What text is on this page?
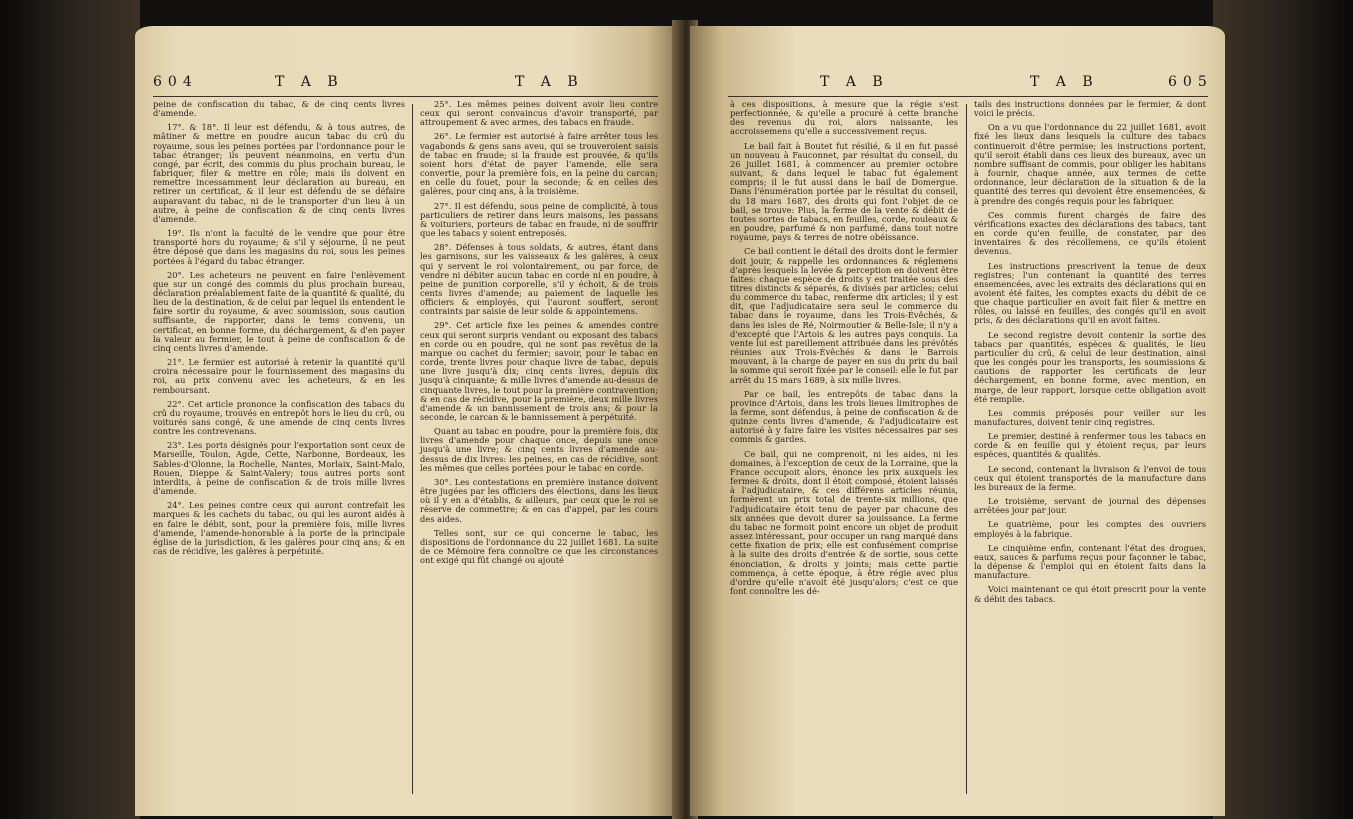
604	T A B	T A B

peine de confiscation du tabac, & de cinq cents livres d'amende.

17°. & 18°. Il leur est défendu, & à tous autres, de mâtiner & mettre en poudre aucun tabac du crû du royaume, sous les peines portées par l'ordonnance pour le tabac étranger; ils peuvent néanmoins, en vertu d'un congé, par écrit, des commis du plus prochain bureau, le fabriquer, filer & mettre en rôle; mais ils doivent en remettre incessamment leur déclaration au bureau, en retirer un certificat, & il leur est défendu de se défaire auparavant du tabac, ni de le transporter d'un lieu à un autre, à peine de confiscation & de cinq cents livres d'amende.

19°. Ils n'ont la faculté de le vendre que pour être transporté hors du royaume; & s'il y séjourne, il ne peut être déposé que dans les magasins du roi, sous les peines portées à l'égard du tabac étranger.

20°. Les acheteurs ne peuvent en faire l'enlèvement que sur un congé des commis du plus prochain bureau, déclaration préalablement faite de la quantité & qualité, du lieu de la destination, & de celui par lequel ils entendent le faire sortir du royaume, & avec soumission, sous caution suffisante, de rapporter, dans le tems convenu, un certificat, en bonne forme, du déchargement, & d'en payer la valeur au fermier, le tout à peine de confiscation & de cinq cents livres d'amende.

21°. Le fermier est autorisé à retenir la quantité qu'il croira nécessaire pour le fournissement des magasins du roi, au prix convenu avec les acheteurs, & en les remboursant.

22°. Cet article prononce la confiscation des tabacs du crû du royaume, trouvés en entrepôt hors le lieu du crû, ou voiturés sans congé, & une amende de cinq cents livres contre les contrevenans.

23°. Les ports désignés pour l'exportation sont ceux de Marseille, Toulon, Agde, Cette, Narbonne, Bordeaux, les Sables-d'Olonne, la Rochelle, Nantes, Morlaix, Saint-Malo, Rouen, Dieppe & Saint-Valery; tous autres ports sont interdits, à peine de confiscation & de trois mille livres d'amende.

24°. Les peines contre ceux qui auront contrefait les marques & les cachets du tabac, ou qui les auront aidés à en faire le débit, sont, pour la première fois, mille livres d'amende, l'amende-honorable à la porte de la principale église de la jurisdiction, & les galères pour cinq ans; & en cas de récidive, les galères à perpétuité.

25°. Les mêmes peines doivent avoir lieu contre ceux qui seront convaincus d'avoir transporté, par attroupement & avec armes, des tabacs en fraude.

26°. Le fermier est autorisé à faire arrêter tous les vagabonds & gens sans aveu, qui se trouveroient saisis de tabac en fraude; si la fraude est prouvée, & qu'ils soient hors d'état de payer l'amende, elle sera convertie, pour la première fois, en la peine du carcan; en celle du fouet, pour la seconde; & en celles des galères, pour cinq ans, à la troisième.

27°. Il est défendu, sous peine de complicité, à tous particuliers de retirer dans leurs maisons, les passans & voituriers, porteurs de tabac en fraude, ni de souffrir que les tabacs y soient entreposés.

28°. Défenses à tous soldats, & autres, étant dans les garnisons, sur les vaisseaux & les galères, à ceux qui y servent le roi volontairement, ou par force, de vendre ni débiter aucun tabac en corde ni en poudre, à peine de punition corporelle, s'il y échoit, & de trois cents livres d'amende; au paiement de laquelle les officiers & employés, qui l'auront souffert, seront contraints par saisie de leur solde & appointemens.

29°. Cet article fixe les peines & amendes contre ceux qui seront surpris vendant ou exposant des tabacs en corde ou en poudre, qui ne sont pas revêtus de la marque ou cachet du fermier; savoir, pour le tabac en corde, trente livres pour chaque livre de tabac, depuis une livre jusqu'à dix; cinq cents livres, depuis dix jusqu'à cinquante; & mille livres d'amende au-dessus de cinquante livres, le tout pour la première contravention; & en cas de récidive, pour la première, deux mille livres d'amende & un bannissement de trois ans; & pour la seconde, le carcan & le bannissement à perpétuité.

Quant au tabac en poudre, pour la première fois, dix livres d'amende pour chaque once, depuis une once jusqu'à une livre; & cinq cents livres d'amende au-dessus de dix livres: les peines, en cas de récidive, sont les mêmes que celles portées pour le tabac en corde.

30°. Les contestations en première instance doivent être jugées par les officiers des élections, dans les lieux où il y en a d'établis, & ailleurs, par ceux que le roi se réserve de commettre; & en cas d'appel, par les cours des aides.

Telles sont, sur ce qui concerne le tabac, les dispositions de l'ordonnance du 22 juillet 1681. La suite de ce Mémoire fera connoître ce que les circonstances ont exigé qui fût changé ou ajouté

T A B	T A B	605

à ces dispositions, à mesure que la régie s'est perfectionnée, & qu'elle a procuré à cette branche des revenus du roi, alors naissante, les accroissemens qu'elle a successivement reçus.

Le bail fait à Boutet fut résilié, & il en fut passé un nouveau à Fauconnet, par résultat du conseil, du 26 juillet 1681, à commencer au premier octobre suivant, & dans lequel le tabac fut également compris; il le fut aussi dans le bail de Domergue. Dans l'énumération portée par le résultat du conseil, du 18 mars 1687, des droits qui font l'objet de ce bail, se trouve: Plus, la ferme de la vente & débit de toutes sortes de tabacs, en feuilles, corde, rouleaux & en poudre, parfumé & non parfumé, dans tout notre royaume, pays & terres de notre obéissance.

Ce bail contient le détail des droits dont le fermier doit jouir, & rappelle les ordonnances & réglemens d'après lesquels la levée & perception en doivent être faites: chaque espèce de droits y est traitée sous des titres distincts & séparés, & divisés par articles; celui du commerce du tabac, renferme dix articles; il y est dit, que l'adjudicataire sera seul le commerce du tabac dans le royaume, dans les Trois-Évêchés, & dans les isles de Ré, Noirmoutier & Belle-Isle; il n'y a d'excepté que l'Artois & les autres pays conquis. La vente lui est pareillement attribuée dans les prévôtés réunies aux Trois-Évêchés & dans le Barrois mouvant, à la charge de payer en sus du prix du bail la somme qui seroit fixée par le conseil: elle le fut par arrêt du 15 mars 1689, à six mille livres.

Par ce bail, les entrepôts de tabac dans la province d'Artois, dans les trois lieues limitrophes de la ferme, sont défendus, à peine de confiscation & de quinze cents livres d'amende, & l'adjudicataire est autorisé à y faire faire les visites nécessaires par ses commis & gardes.

Ce bail, qui ne comprenoit, ni les aides, ni les domaines, à l'exception de ceux de la Lorraine, que la France occupoit alors, énonce les prix auxquels les fermes & droits, dont il étoit composé, étoient laissés à l'adjudicataire, & ces différens articles réunis, formèrent un prix total de trente-six millions, que l'adjudicataire étoit tenu de payer par chacune des six années que devoit durer sa jouissance. La ferme du tabac ne formoit point encore un objet de produit assez intéressant, pour occuper un rang marqué dans cette fixation de prix; elle est confusément comprise à la suite des droits d'entrée & de sortie, sous cette énonciation, & droits y joints; mais cette partie commença, à cette époque, à être régie avec plus d'ordre qu'elle n'avoit été jusqu'alors; c'est ce que font connoître les dé-

tails des instructions données par le fermier, & dont voici le précis.

On a vu que l'ordonnance du 22 juillet 1681, avoit fixé les lieux dans lesquels la culture des tabacs continueroit d'être permise; les instructions portent, qu'il seroit établi dans ces lieux des bureaux, avec un nombre suffisant de commis, pour obliger les habitans à fournir, chaque année, aux termes de cette ordonnance, leur déclaration de la situation & de la quantité des terres qui devoient être ensemencées, & à prendre des congés requis pour les fabriquer.

Ces commis furent chargés de faire des vérifications exactes des déclarations des tabacs, tant en corde qu'en feuille, de constater, par des inventaires & des récollemens, ce qu'ils étoient devenus.

Les instructions prescrivent la tenue de deux registres; l'un contenant la quantité des terres ensemencées, avec les extraits des déclarations qui en avoient été faites, les comptes exacts du débit de ce que chaque particulier en avoit fait filer & mettre en rôles, ou laissé en feuilles, des congés qu'il en avoit pris, & des déclarations qu'il en avoit faites.

Le second registre devoit contenir la sortie des tabacs par quantités, espèces & qualités, le lieu particulier du crû, & celui de leur destination, ainsi que les congés pour les transports, les soumissions & cautions de rapporter les certificats de leur déchargement, en bonne forme, avec mention, en marge, de leur rapport, lorsque cette obligation avoit été remplie.

Les commis préposés pour veiller sur les manufactures, doivent tenir cinq registres.

Le premier, destiné à renfermer tous les tabacs en corde & en feuille qui y étoient reçus, par leurs espèces, quantités & qualités.

Le second, contenant la livraison & l'envoi de tous ceux qui étoient transportés de la manufacture dans les bureaux de la ferme.

Le troisième, servant de journal des dépenses arrêtées jour par jour.

Le quatrième, pour les comptes des ouvriers employés à la fabrique.

Le cinquième enfin, contenant l'état des drogues, eaux, sauces & parfums reçus pour façonner le tabac, la dépense & l'emploi qui en étoient faits dans la manufacture.

Voici maintenant ce qui étoit prescrit pour la vente & débit des tabacs.
